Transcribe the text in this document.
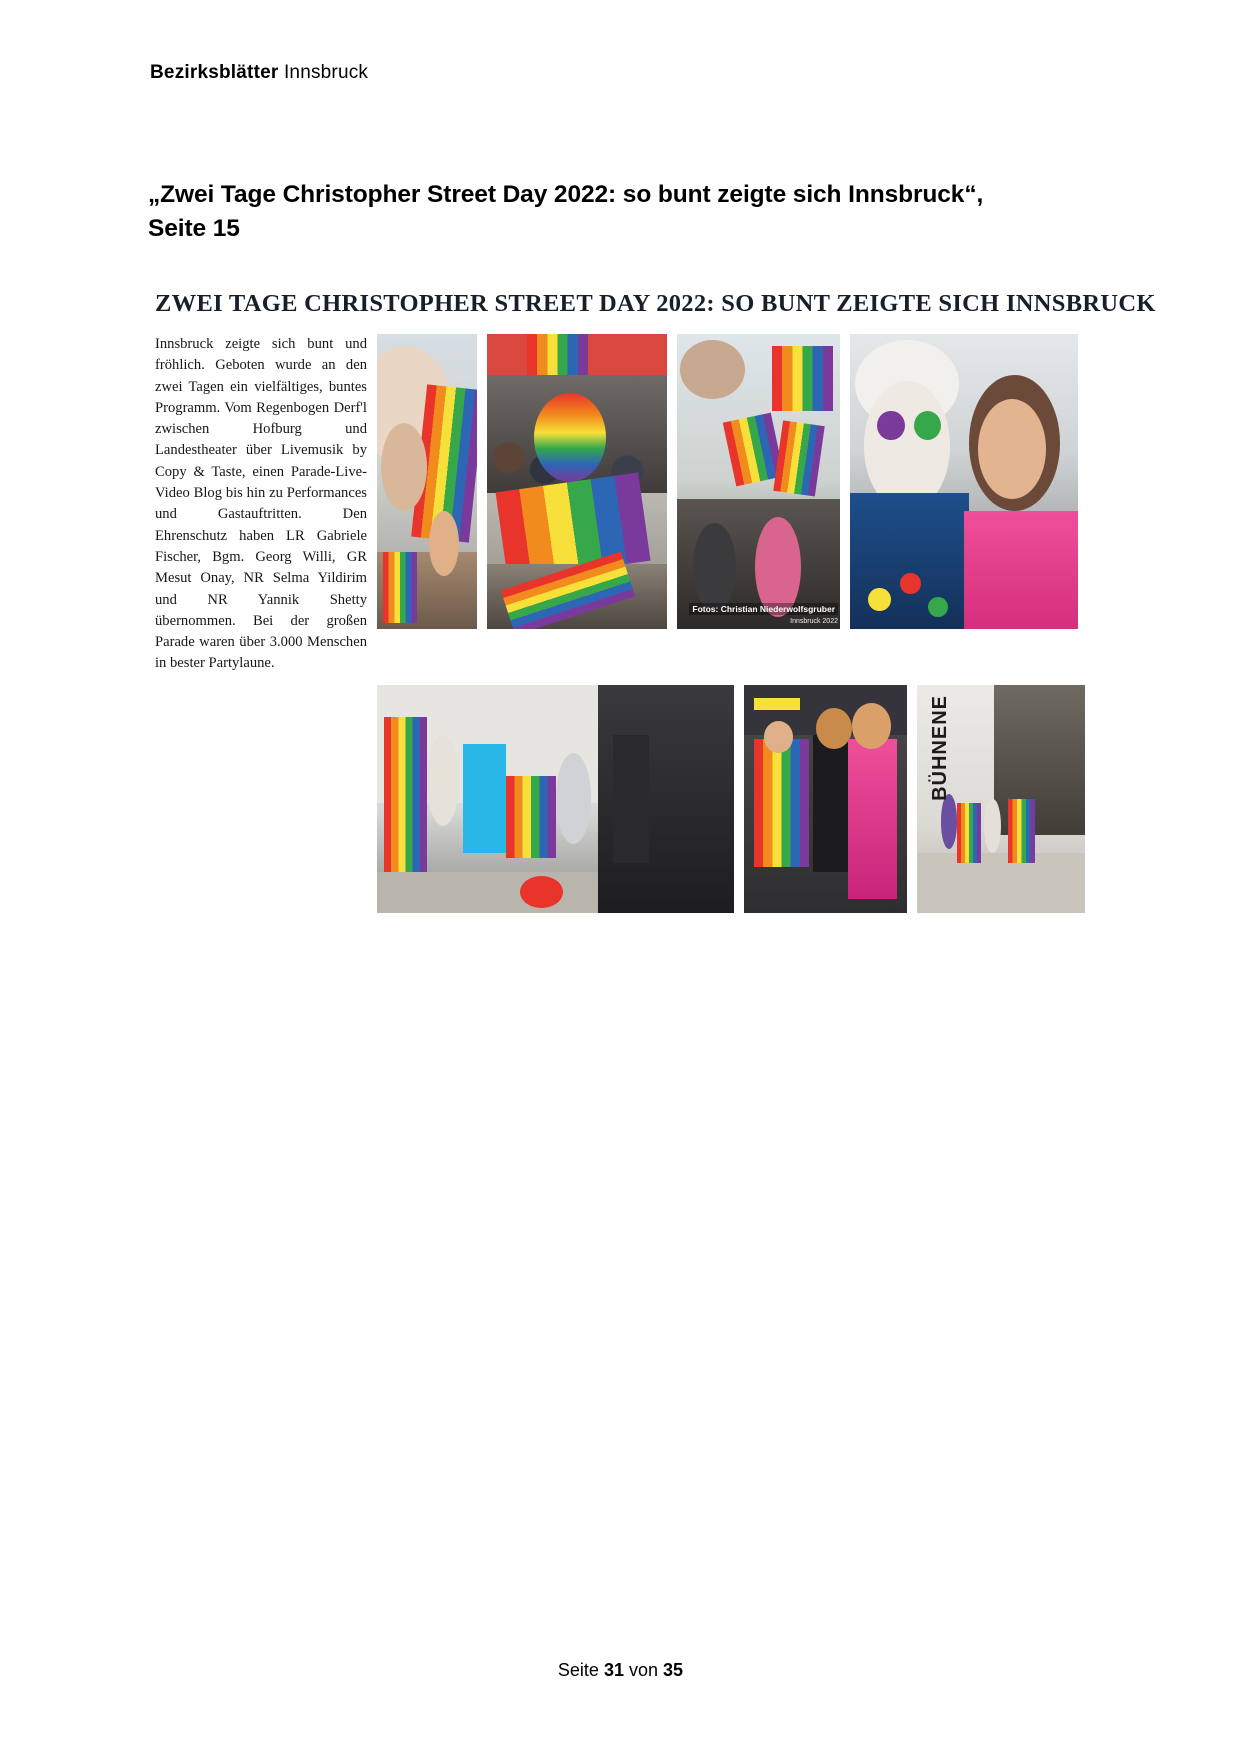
Bezirksblätter Innsbruck
„Zwei Tage Christopher Street Day 2022: so bunt zeigte sich Innsbruck“,
Seite 15
ZWEI TAGE CHRISTOPHER STREET DAY 2022: SO BUNT ZEIGTE SICH INNSBRUCK
Innsbruck zeigte sich bunt und fröhlich. Geboten wurde an den zwei Tagen ein vielfältiges, buntes Programm. Vom Regenbogen Derf'l zwischen Hofburg und Landestheater über Livemusik by Copy & Taste, einen Parade-Live-Video Blog bis hin zu Performances und Gastauftritten. Den Ehrenschutz haben LR Gabriele Fischer, Bgm. Georg Willi, GR Mesut Onay, NR Selma Yildirim und NR Yannik Shetty übernommen. Bei der großen Parade waren über 3.000 Menschen in bester Partylaune.
Fotos: Christian Niederwolfsgruber
Innsbruck 2022
BÜHNENE
Seite 31 von 35
